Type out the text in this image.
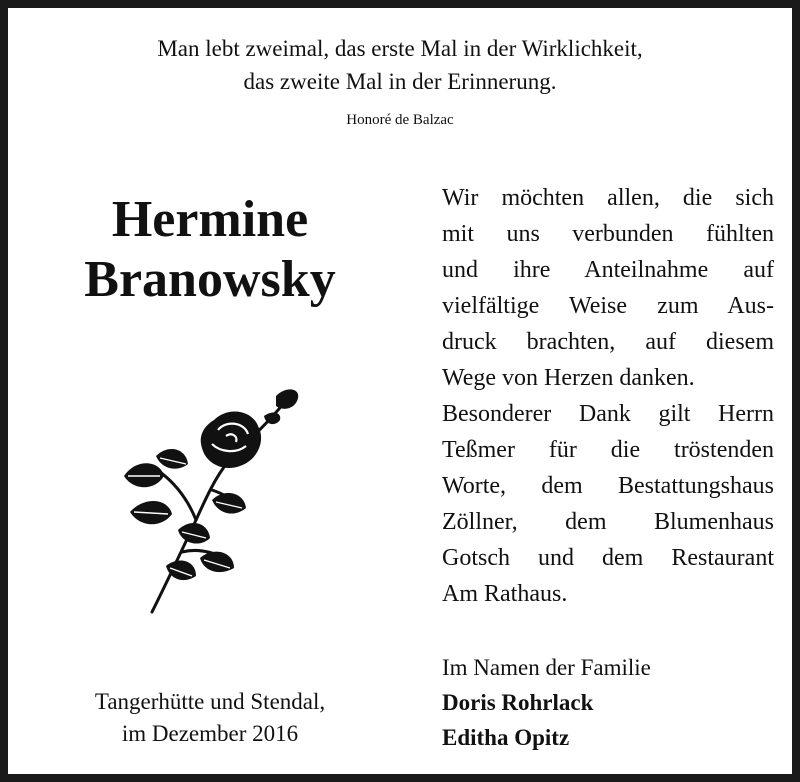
Man lebt zweimal, das erste Mal in der Wirklichkeit,
das zweite Mal in der Erinnerung.
Honoré de Balzac
Hermine
Branowsky
Tangerhütte und Stendal,
im Dezember 2016
Wir möchten allen, die sich
mit uns verbunden fühlten
und ihre Anteilnahme auf
vielfältige Weise zum Aus-
druck brachten, auf diesem
Wege von Herzen danken.
Besonderer Dank gilt Herrn
Teßmer für die tröstenden
Worte, dem Bestattungshaus
Zöllner, dem Blumenhaus
Gotsch und dem Restaurant
Am Rathaus.
Im Namen der Familie
Doris Rohrlack
Editha Opitz
